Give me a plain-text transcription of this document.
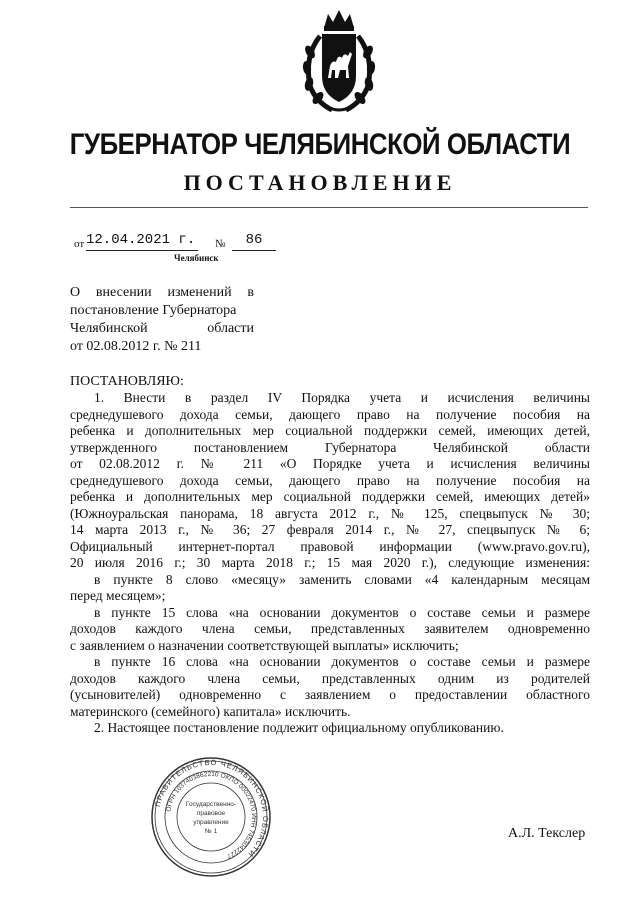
ГУБЕРНАТОР ЧЕЛЯБИНСКОЙ ОБЛАСТИ
ПОСТАНОВЛЕНИЕ
от 12.04.2021 г. №	86
Челябинск
О внесении изменений в
постановление Губернатора
Челябинской области
от 02.08.2012 г. № 211
ПОСТАНОВЛЯЮ:
1. Внести в раздел IV Порядка учета и исчисления величины
среднедушевого дохода семьи, дающего право на получение пособия на
ребенка и дополнительных мер социальной поддержки семей, имеющих детей,
утвержденного постановлением Губернатора Челябинской области
от 02.08.2012 г. № 211 «О Порядке учета и исчисления величины
среднедушевого дохода семьи, дающего право на получение пособия на
ребенка и дополнительных мер социальной поддержки семей, имеющих детей»
(Южноуральская панорама, 18 августа 2012 г., № 125, спецвыпуск № 30;
14 марта 2013 г., № 36; 27 февраля 2014 г., № 27, спецвыпуск № 6;
Официальный интернет-портал правовой информации (www.pravo.gov.ru),
20 июля 2016 г.; 30 марта 2018 г.; 15 мая 2020 г.), следующие изменения:
в пункте 8 слово «месяцу» заменить словами «4 календарным месяцам
перед месяцем»;
в пункте 15 слова «на основании документов о составе семьи и размере
доходов каждого члена семьи, представленных заявителем одновременно
с заявлением о назначении соответствующей выплаты» исключить;
в пункте 16 слова «на основании документов о составе семьи и размере
доходов каждого члена семьи, представленных одним из родителей
(усыновителей) одновременно с заявлением о предоставлении областного
материнского (семейного) капитала» исключить.
2. Настоящее постановление подлежит официальному опубликованию.
ПРАВИТЕЛЬСТВО ЧЕЛЯБИНСКОЙ ОБЛАСТИ
ОГРН 1037403862210 ОКПО 00022470 ИНН 7453042227
Государственно-
правовое
управление
№ 1	А.Л. Текслер
